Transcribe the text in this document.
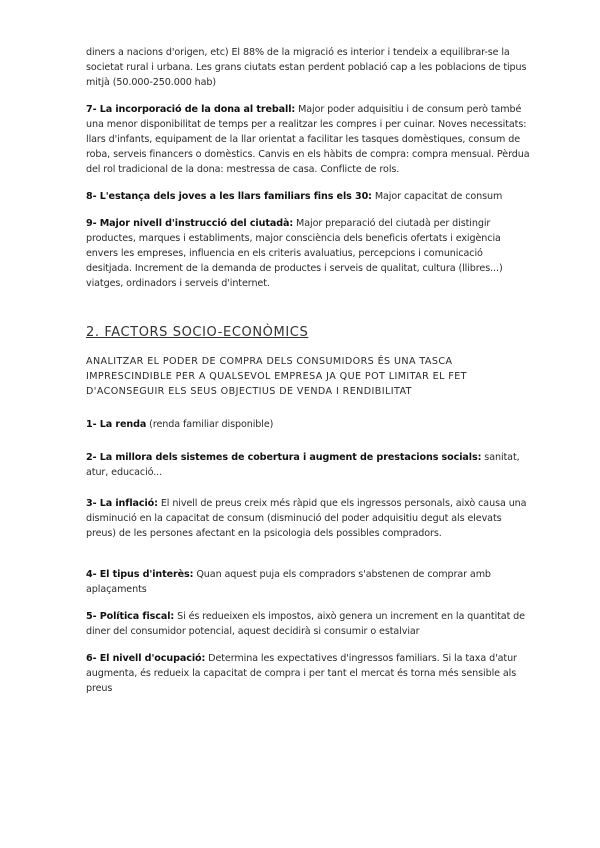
diners a nacions d'origen, etc) El 88% de la migració es interior i tendeix a equilibrar-se la societat rural i urbana. Les grans ciutats estan perdent població cap a les poblacions de tipus mitjà (50.000-250.000 hab)

7- La incorporació de la dona al treball: Major poder adquisitiu i de consum però també una menor disponibilitat de temps per a realitzar les compres i per cuinar. Noves necessitats: llars d'infants, equipament de la llar orientat a facilitar les tasques domèstiques, consum de roba, serveis financers o domèstics. Canvis en els hàbits de compra: compra mensual. Pèrdua del rol tradicional de la dona: mestressa de casa. Conflicte de rols.

8- L'estança dels joves a les llars familiars fins els 30: Major capacitat de consum

9- Major nivell d'instrucció del ciutadà: Major preparació del ciutadà per distingir productes, marques i establiments, major consciència dels beneficis ofertats i exigència envers les empreses, influencia en els criteris avaluatius, percepcions i comunicació desitjada. Increment de la demanda de productes i serveis de qualitat, cultura (llibres...) viatges, ordinadors i serveis d'internet.

2. FACTORS SOCIO-ECONÒMICS

ANALITZAR EL PODER DE COMPRA DELS CONSUMIDORS ÉS UNA TASCA IMPRESCINDIBLE PER A QUALSEVOL EMPRESA JA QUE POT LIMITAR EL FET D'ACONSEGUIR ELS SEUS OBJECTIUS DE VENDA I RENDIBILITAT

1- La renda (renda familiar disponible)

2- La millora dels sistemes de cobertura i augment de prestacions socials: sanitat, atur, educació...

3- La inflació: El nivell de preus creix més ràpid que els ingressos personals, això causa una disminució en la capacitat de consum (disminució del poder adquisitiu degut als elevats preus) de les persones afectant en la psicologia dels possibles compradors.

4- El tipus d'interès: Quan aquest puja els compradors s'abstenen de comprar amb aplaçaments

5- Política fiscal: Si és redueixen els impostos, això genera un increment en la quantitat de diner del consumidor potencial, aquest decidirà si consumir o estalviar

6- El nivell d'ocupació: Determina les expectatives d'ingressos familiars. Si la taxa d'atur augmenta, és redueix la capacitat de compra i per tant el mercat és torna més sensible als preus
